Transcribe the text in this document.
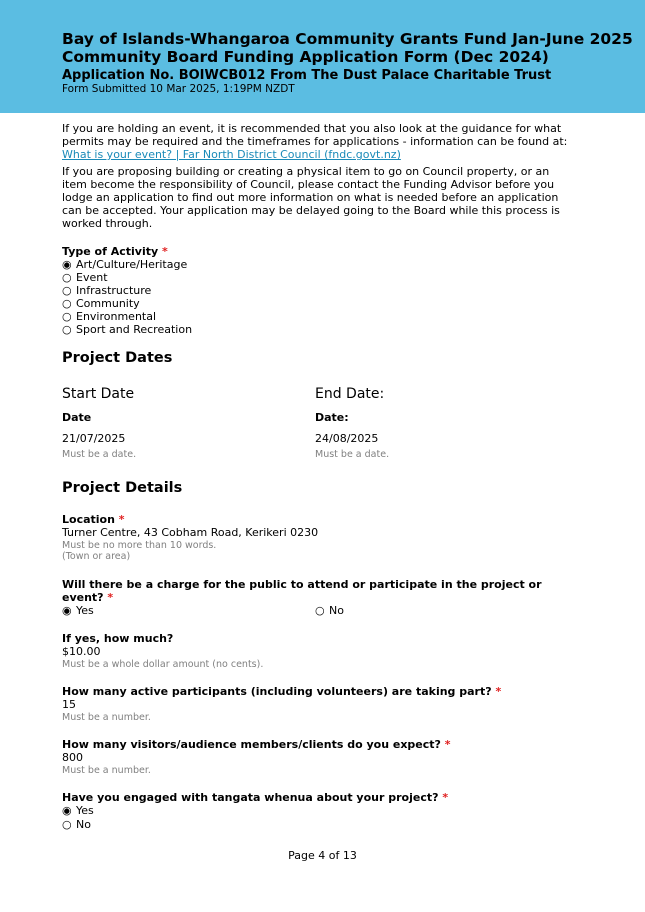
Bay of Islands-Whangaroa Community Grants Fund Jan-June 2025
Community Board Funding Application Form (Dec 2024)
Application No. BOIWCB012 From The Dust Palace Charitable Trust
Form Submitted 10 Mar 2025, 1:19PM NZDT
If you are holding an event, it is recommended that you also look at the guidance for what
permits may be required and the timeframes for applications - information can be found at:
What is your event? | Far North District Council (fndc.govt.nz)
If you are proposing building or creating a physical item to go on Council property, or an
item become the responsibility of Council, please contact the Funding Advisor before you
lodge an application to find out more information on what is needed before an application
can be accepted. Your application may be delayed going to the Board while this process is
worked through.
Type of Activity *
◉ Art/Culture/Heritage
○ Event
○ Infrastructure
○ Community
○ Environmental
○ Sport and Recreation
Project Dates
Start Date	End Date:
Date	Date:
21/07/2025	24/08/2025
Must be a date.	Must be a date.
Project Details
Location *
Turner Centre, 43 Cobham Road, Kerikeri 0230
Must be no more than 10 words.
(Town or area)
Will there be a charge for the public to attend or participate in the project or
event? *
◉ Yes	○ No
If yes, how much?
$10.00
Must be a whole dollar amount (no cents).
How many active participants (including volunteers) are taking part? *
15
Must be a number.
How many visitors/audience members/clients do you expect? *
800
Must be a number.
Have you engaged with tangata whenua about your project? *
◉ Yes
○ No
Page 4 of 13
